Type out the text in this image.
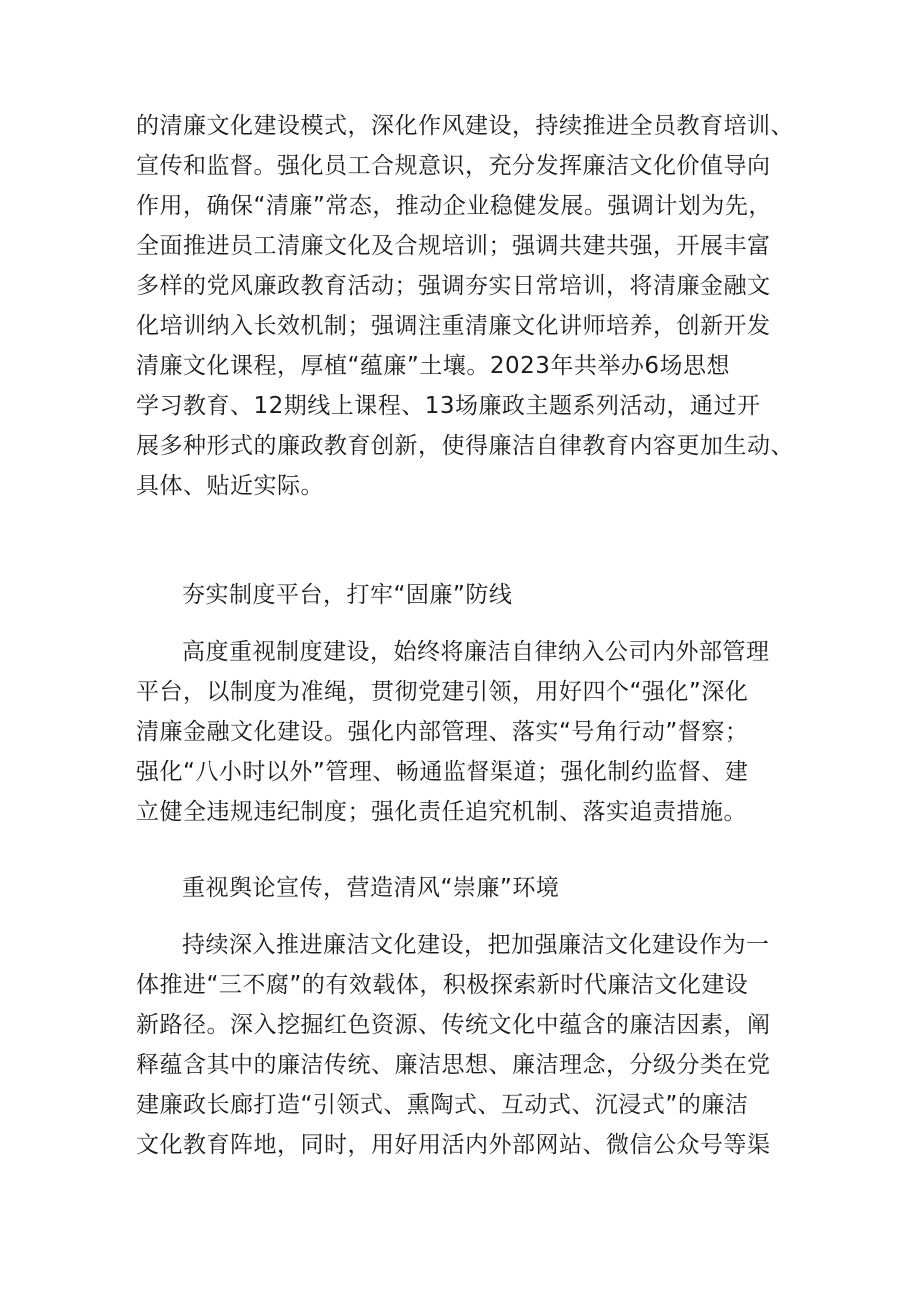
的清廉文化建设模式，深化作风建设，持续推进全员教育培训、
宣传和监督。强化员工合规意识，充分发挥廉洁文化价值导向
作用，确保“清廉”常态，推动企业稳健发展。强调计划为先，
全面推进员工清廉文化及合规培训；强调共建共强，开展丰富
多样的党风廉政教育活动；强调夯实日常培训，将清廉金融文
化培训纳入长效机制；强调注重清廉文化讲师培养，创新开发
清廉文化课程，厚植“蕴廉”土壤。2023年共举办6场思想
学习教育、12期线上课程、13场廉政主题系列活动，通过开
展多种形式的廉政教育创新，使得廉洁自律教育内容更加生动、
具体、贴近实际。
夯实制度平台，打牢“固廉”防线
高度重视制度建设，始终将廉洁自律纳入公司内外部管理
平台，以制度为准绳，贯彻党建引领，用好四个“强化”深化
清廉金融文化建设。强化内部管理、落实“号角行动”督察；
强化“八小时以外”管理、畅通监督渠道；强化制约监督、建
立健全违规违纪制度；强化责任追究机制、落实追责措施。
重视舆论宣传，营造清风“崇廉”环境
持续深入推进廉洁文化建设，把加强廉洁文化建设作为一
体推进“三不腐”的有效载体，积极探索新时代廉洁文化建设
新路径。深入挖掘红色资源、传统文化中蕴含的廉洁因素，阐
释蕴含其中的廉洁传统、廉洁思想、廉洁理念，分级分类在党
建廉政长廊打造“引领式、熏陶式、互动式、沉浸式”的廉洁
文化教育阵地，同时，用好用活内外部网站、微信公众号等渠
